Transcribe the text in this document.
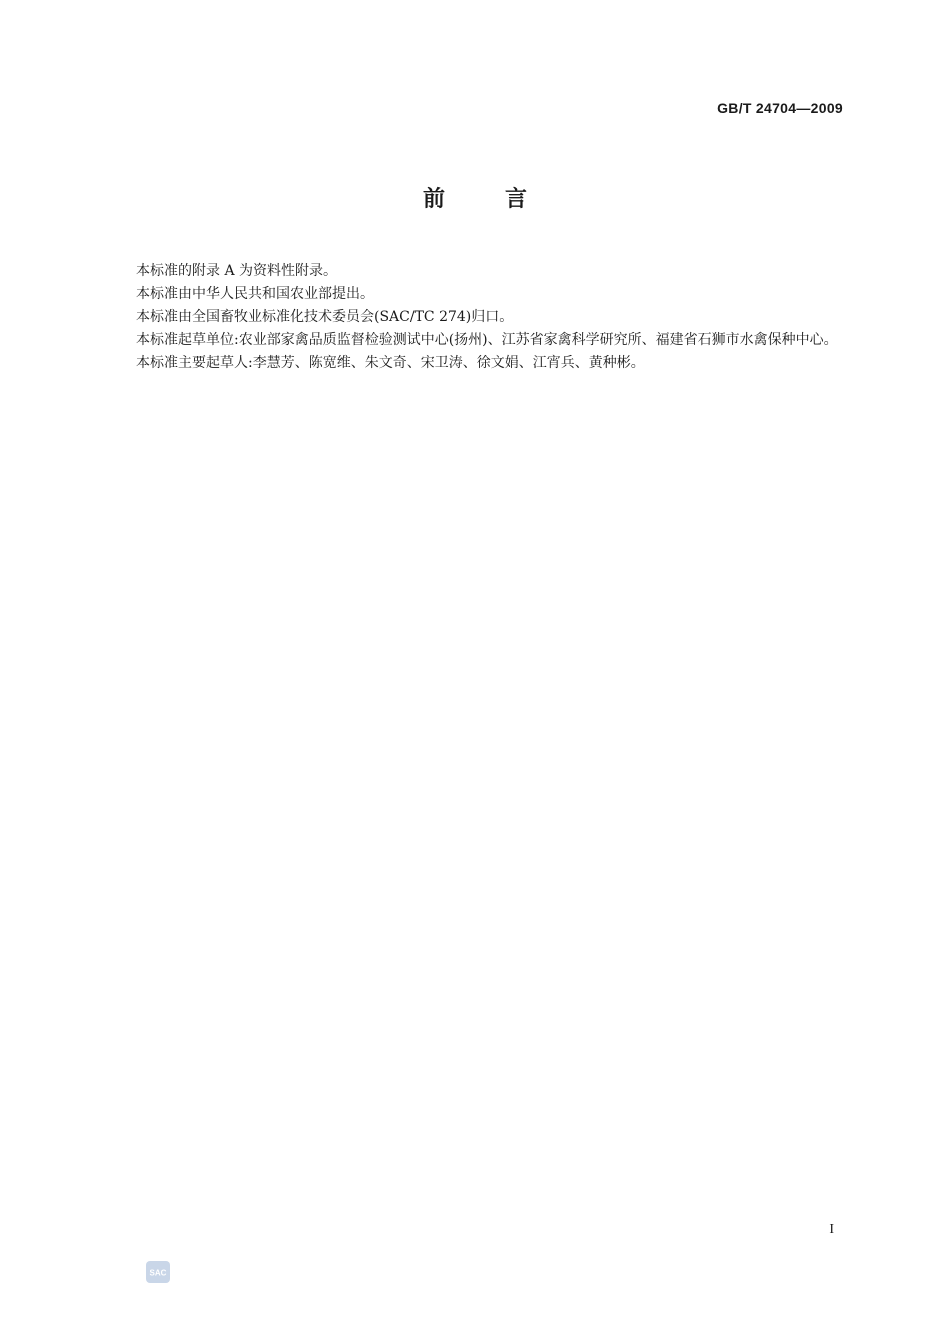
GB/T 24704—2009
前言

本标准的附录 A 为资料性附录。

本标准由中华人民共和国农业部提出。

本标准由全国畜牧业标准化技术委员会(SAC/TC 274)归口。

本标准起草单位:农业部家禽品质监督检验测试中心(扬州)、江苏省家禽科学研究所、福建省石狮市水禽保种中心。

本标准主要起草人:李慧芳、陈宽维、朱文奇、宋卫涛、徐文娟、江宵兵、黄种彬。

I
SAC
